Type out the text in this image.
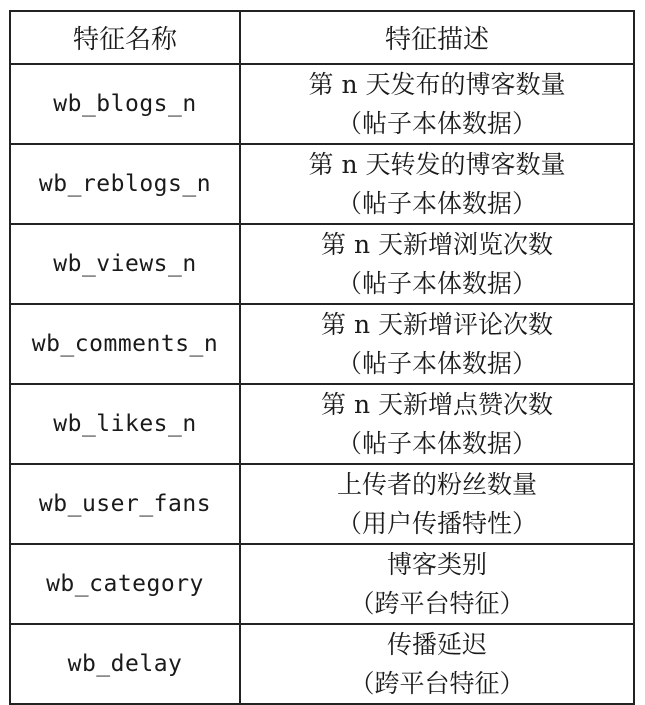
特征名称	特征描述
wb_blogs_n	第 n 天发布的博客数量
（帖子本体数据）

wb_reblogs_n	第 n 天转发的博客数量
（帖子本体数据）

wb_views_n	第 n 天新增浏览次数
（帖子本体数据）

wb_comments_n	第 n 天新增评论次数
（帖子本体数据）

wb_likes_n	第 n 天新增点赞次数
（帖子本体数据）

wb_user_fans	上传者的粉丝数量
（用户传播特性）

wb_category	博客类别
（跨平台特征）

wb_delay	传播延迟
（跨平台特征）
